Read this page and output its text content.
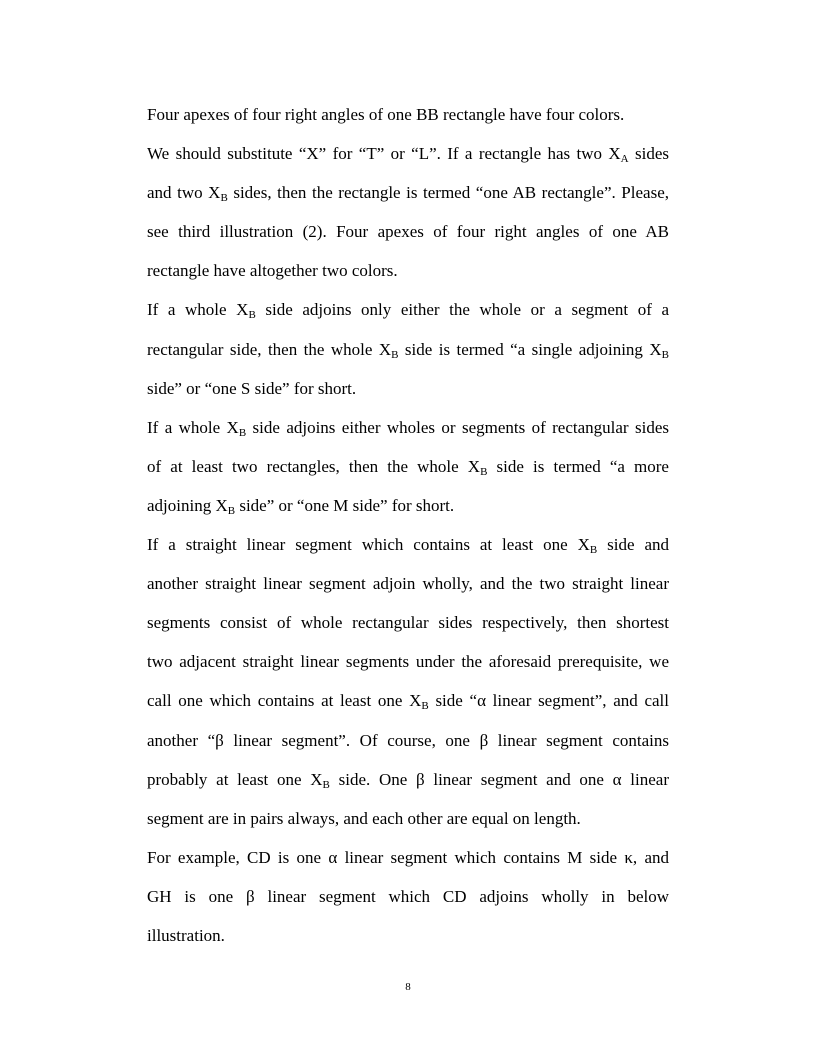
Four apexes of four right angles of one BB rectangle have four colors.
We should substitute “X” for “T” or “L”. If a rectangle has two $X_A$ sides
and two $X_B$ sides, then the rectangle is termed “one AB rectangle”. Please,
see third illustration (2). Four apexes of four right angles of one AB
rectangle have altogether two colors.
If a whole $X_B$ side adjoins only either the whole or a segment of a
rectangular side, then the whole $X_B$ side is termed “a single adjoining $X_B$
side” or “one S side” for short.
If a whole $X_B$ side adjoins either wholes or segments of rectangular sides
of at least two rectangles, then the whole $X_B$ side is termed “a more
adjoining $X_B$ side” or “one M side” for short.
If a straight linear segment which contains at least one $X_B$ side and
another straight linear segment adjoin wholly, and the two straight linear
segments consist of whole rectangular sides respectively, then shortest
two adjacent straight linear segments under the aforesaid prerequisite, we
call one which contains at least one $X_B$ side “α linear segment”, and call
another “β linear segment”. Of course, one β linear segment contains
probably at least one $X_B$ side. One β linear segment and one α linear
segment are in pairs always, and each other are equal on length.
For example, CD is one α linear segment which contains M side κ, and
GH is one β linear segment which CD adjoins wholly in below
illustration.
8
